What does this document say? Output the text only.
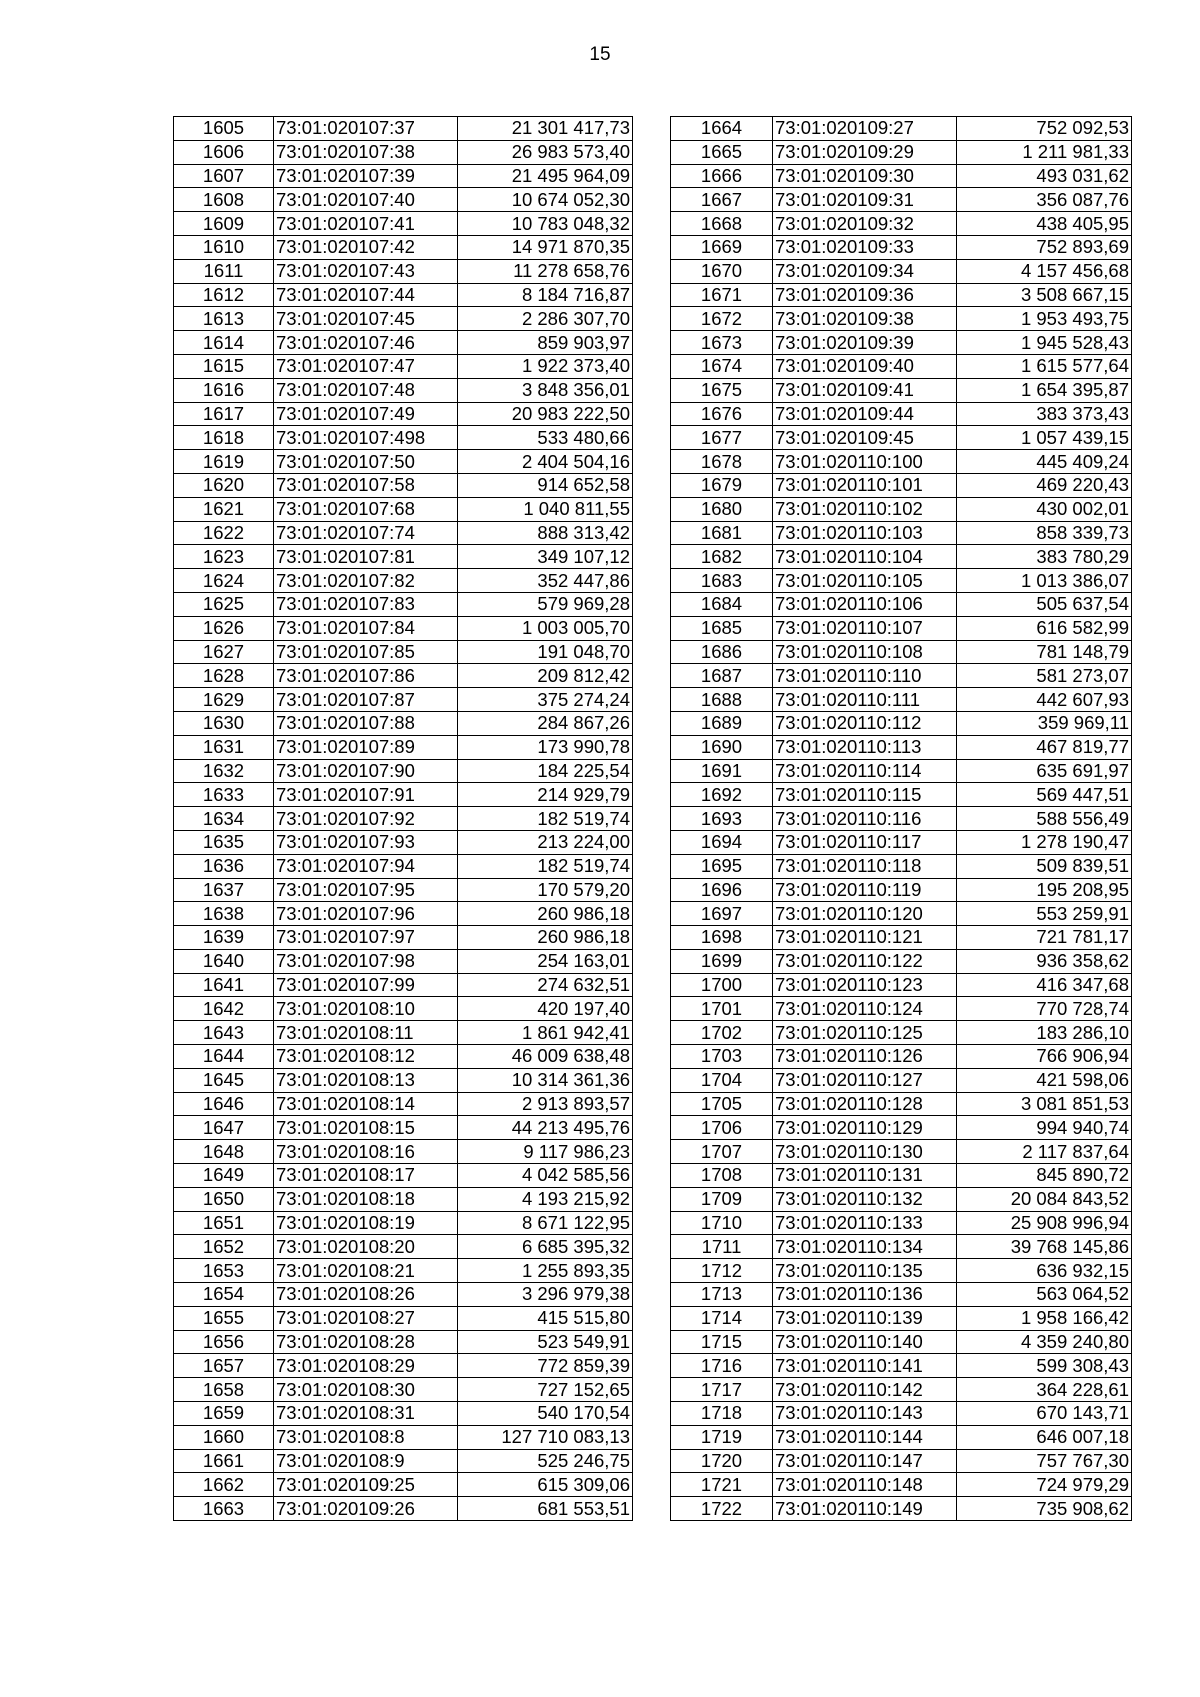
15
1605	73:01:020107:37	21 301 417,73
1606	73:01:020107:38	26 983 573,40
1607	73:01:020107:39	21 495 964,09
1608	73:01:020107:40	10 674 052,30
1609	73:01:020107:41	10 783 048,32
1610	73:01:020107:42	14 971 870,35
1611	73:01:020107:43	11 278 658,76
1612	73:01:020107:44	8 184 716,87
1613	73:01:020107:45	2 286 307,70
1614	73:01:020107:46	859 903,97
1615	73:01:020107:47	1 922 373,40
1616	73:01:020107:48	3 848 356,01
1617	73:01:020107:49	20 983 222,50
1618	73:01:020107:498	533 480,66
1619	73:01:020107:50	2 404 504,16
1620	73:01:020107:58	914 652,58
1621	73:01:020107:68	1 040 811,55
1622	73:01:020107:74	888 313,42
1623	73:01:020107:81	349 107,12
1624	73:01:020107:82	352 447,86
1625	73:01:020107:83	579 969,28
1626	73:01:020107:84	1 003 005,70
1627	73:01:020107:85	191 048,70
1628	73:01:020107:86	209 812,42
1629	73:01:020107:87	375 274,24
1630	73:01:020107:88	284 867,26
1631	73:01:020107:89	173 990,78
1632	73:01:020107:90	184 225,54
1633	73:01:020107:91	214 929,79
1634	73:01:020107:92	182 519,74
1635	73:01:020107:93	213 224,00
1636	73:01:020107:94	182 519,74
1637	73:01:020107:95	170 579,20
1638	73:01:020107:96	260 986,18
1639	73:01:020107:97	260 986,18
1640	73:01:020107:98	254 163,01
1641	73:01:020107:99	274 632,51
1642	73:01:020108:10	420 197,40
1643	73:01:020108:11	1 861 942,41
1644	73:01:020108:12	46 009 638,48
1645	73:01:020108:13	10 314 361,36
1646	73:01:020108:14	2 913 893,57
1647	73:01:020108:15	44 213 495,76
1648	73:01:020108:16	9 117 986,23
1649	73:01:020108:17	4 042 585,56
1650	73:01:020108:18	4 193 215,92
1651	73:01:020108:19	8 671 122,95
1652	73:01:020108:20	6 685 395,32
1653	73:01:020108:21	1 255 893,35
1654	73:01:020108:26	3 296 979,38
1655	73:01:020108:27	415 515,80
1656	73:01:020108:28	523 549,91
1657	73:01:020108:29	772 859,39
1658	73:01:020108:30	727 152,65
1659	73:01:020108:31	540 170,54
1660	73:01:020108:8	127 710 083,13
1661	73:01:020108:9	525 246,75
1662	73:01:020109:25	615 309,06
1663	73:01:020109:26	681 553,51
1664	73:01:020109:27	752 092,53
1665	73:01:020109:29	1 211 981,33
1666	73:01:020109:30	493 031,62
1667	73:01:020109:31	356 087,76
1668	73:01:020109:32	438 405,95
1669	73:01:020109:33	752 893,69
1670	73:01:020109:34	4 157 456,68
1671	73:01:020109:36	3 508 667,15
1672	73:01:020109:38	1 953 493,75
1673	73:01:020109:39	1 945 528,43
1674	73:01:020109:40	1 615 577,64
1675	73:01:020109:41	1 654 395,87
1676	73:01:020109:44	383 373,43
1677	73:01:020109:45	1 057 439,15
1678	73:01:020110:100	445 409,24
1679	73:01:020110:101	469 220,43
1680	73:01:020110:102	430 002,01
1681	73:01:020110:103	858 339,73
1682	73:01:020110:104	383 780,29
1683	73:01:020110:105	1 013 386,07
1684	73:01:020110:106	505 637,54
1685	73:01:020110:107	616 582,99
1686	73:01:020110:108	781 148,79
1687	73:01:020110:110	581 273,07
1688	73:01:020110:111	442 607,93
1689	73:01:020110:112	359 969,11
1690	73:01:020110:113	467 819,77
1691	73:01:020110:114	635 691,97
1692	73:01:020110:115	569 447,51
1693	73:01:020110:116	588 556,49
1694	73:01:020110:117	1 278 190,47
1695	73:01:020110:118	509 839,51
1696	73:01:020110:119	195 208,95
1697	73:01:020110:120	553 259,91
1698	73:01:020110:121	721 781,17
1699	73:01:020110:122	936 358,62
1700	73:01:020110:123	416 347,68
1701	73:01:020110:124	770 728,74
1702	73:01:020110:125	183 286,10
1703	73:01:020110:126	766 906,94
1704	73:01:020110:127	421 598,06
1705	73:01:020110:128	3 081 851,53
1706	73:01:020110:129	994 940,74
1707	73:01:020110:130	2 117 837,64
1708	73:01:020110:131	845 890,72
1709	73:01:020110:132	20 084 843,52
1710	73:01:020110:133	25 908 996,94
1711	73:01:020110:134	39 768 145,86
1712	73:01:020110:135	636 932,15
1713	73:01:020110:136	563 064,52
1714	73:01:020110:139	1 958 166,42
1715	73:01:020110:140	4 359 240,80
1716	73:01:020110:141	599 308,43
1717	73:01:020110:142	364 228,61
1718	73:01:020110:143	670 143,71
1719	73:01:020110:144	646 007,18
1720	73:01:020110:147	757 767,30
1721	73:01:020110:148	724 979,29
1722	73:01:020110:149	735 908,62
